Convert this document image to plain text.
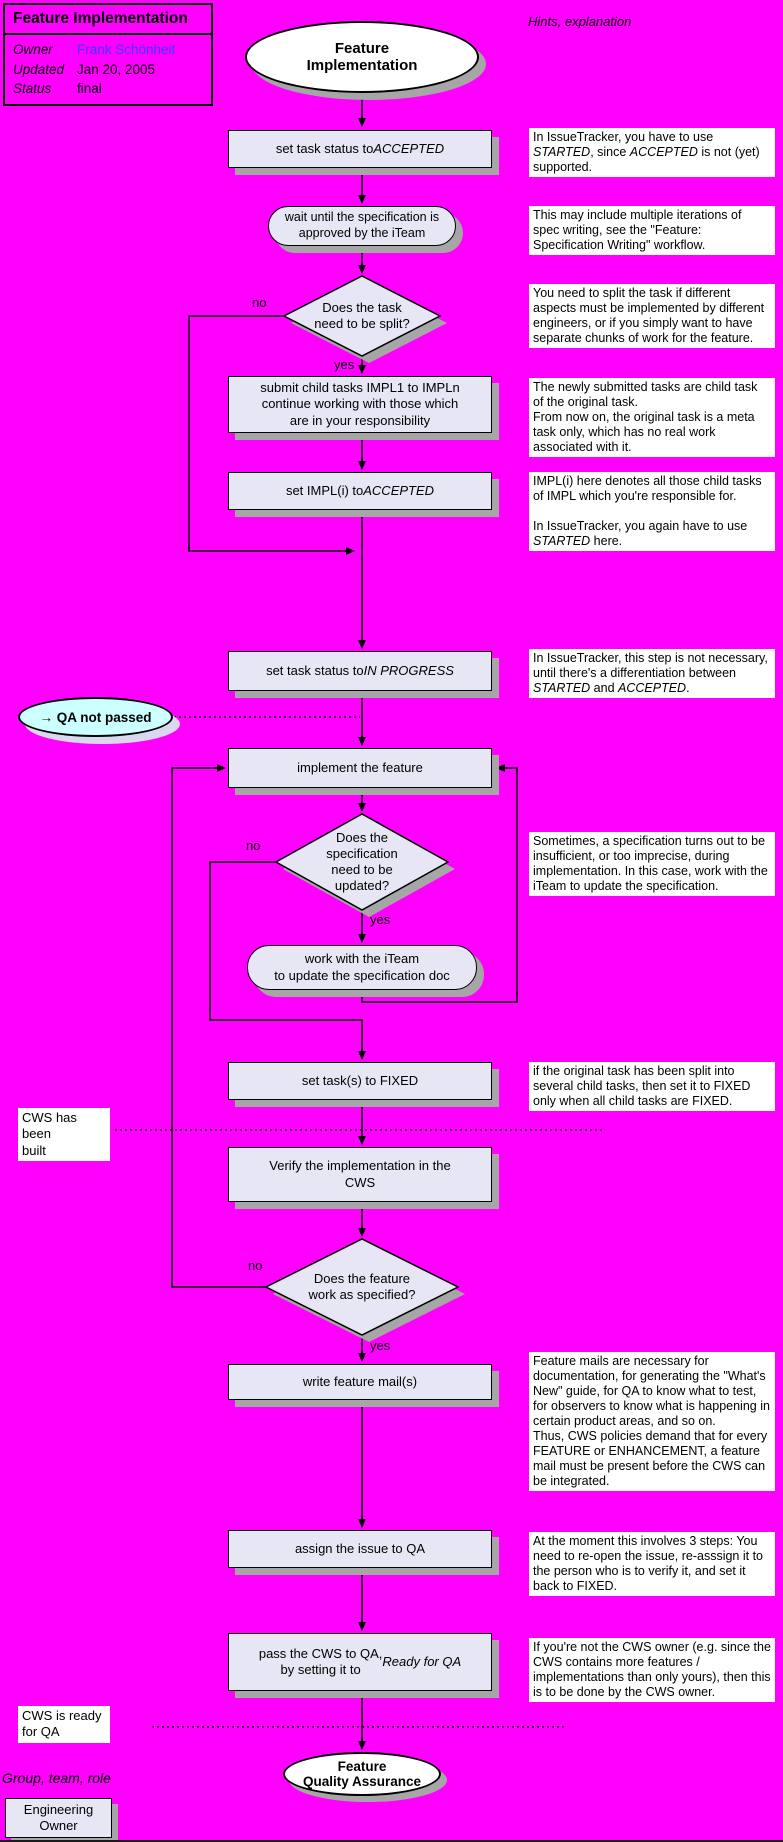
Feature Implementation
Owner	Frank Schönheit
Updated Jan 20, 2005
Status	final
Hints, explanation
Feature
Implementation
Feature
Quality Assurance
→ QA not passed
set task status to ACCEPTED
wait until the specification is
approved by the iTeam
submit child tasks IMPL1 to IMPLn
continue working with those which
are in your responsibility
set IMPL(i) to ACCEPTED
set task status to IN PROGRESS
implement the feature
work with the iTeam
to update the specification doc
set task(s) to FIXED
Verify the implementation in the
CWS
write feature mail(s)
assign the issue to QA
pass the CWS to QA,
by setting it to
Ready for QA
Does the task
need to be split?
Does the
specification
need to be
updated?
Does the feature
work as specified?
no
yes
no
yes
no
yes
In IssueTracker, you have to use STARTED, since ACCEPTED is not (yet) supported.
This may include multiple iterations of spec writing, see the "Feature: Specification Writing" workflow.
You need to split the task if different aspects must be implemented by different engineers, or if you simply want to have separate chunks of work for the feature.
The newly submitted tasks are child task of the original task.
From now on, the original task is a meta task only, which has no real work associated with it.
IMPL(i) here denotes all those child tasks of IMPL which you're responsible for.

In IssueTracker, you again have to use STARTED here.
In IssueTracker, this step is not necessary, until there's a differentiation between STARTED and ACCEPTED.
Sometimes, a specification turns out to be insufficient, or too imprecise, during implementation. In this case, work with the iTeam to update the specification.
if the original task has been split into several child tasks, then set it to FIXED only when all child tasks are FIXED.
Feature mails are necessary for documentation, for generating the "What's New" guide, for QA to know what to test, for observers to know what is happening in certain product areas, and so on.
Thus, CWS policies demand that for every FEATURE or ENHANCEMENT, a feature mail must be present before the CWS can be integrated.
At the moment this involves 3 steps: You need to re-open the issue, re-asssign it to the person who is to verify it, and set it back to FIXED.
If you're not the CWS owner (e.g. since the CWS contains more features / implementations than only yours), then this is to be done by the CWS owner.
CWS has been
built
CWS is ready
for QA
Group, team, role
Engineering
Owner
